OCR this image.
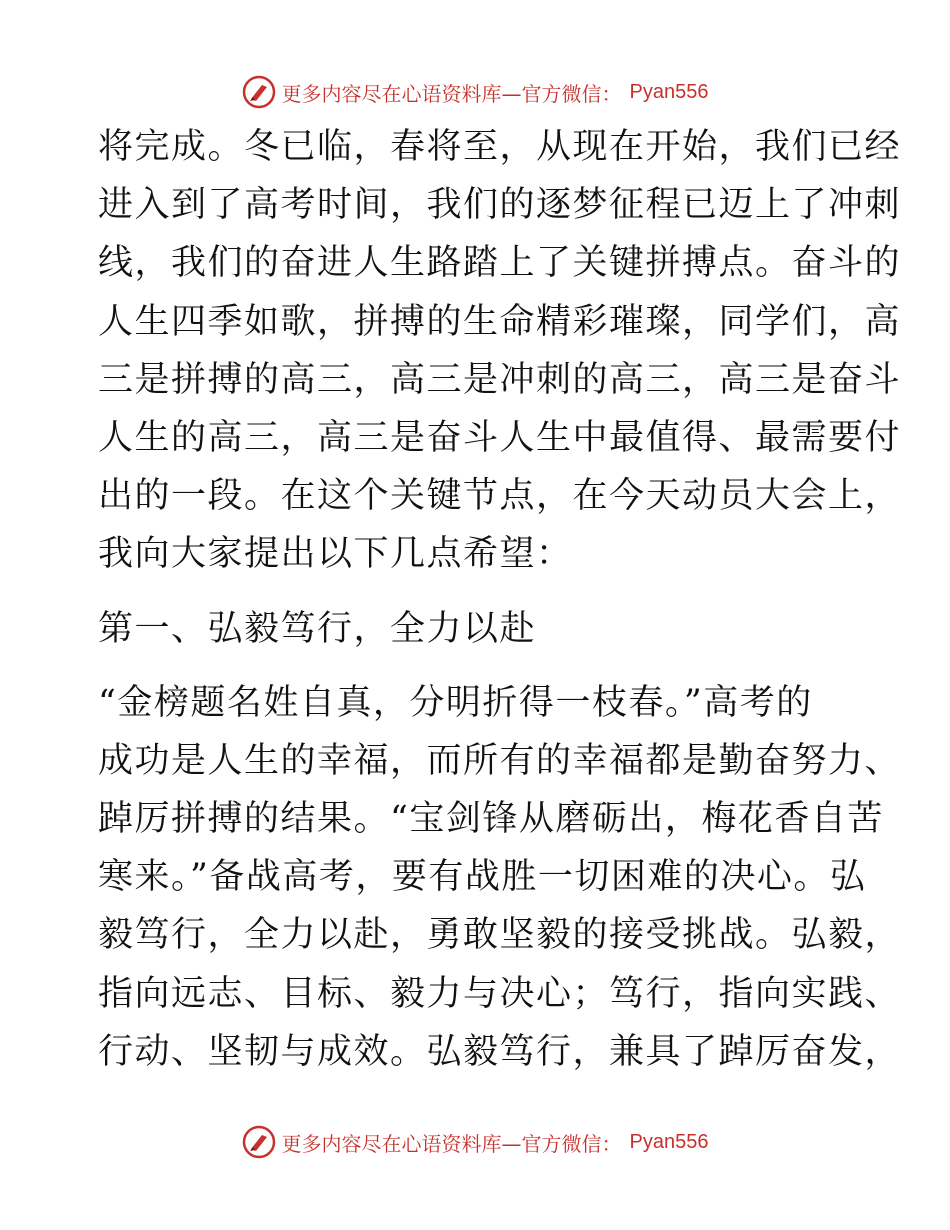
更多内容尽在心语资料库—官方微信： Pyan556
将完成。冬已临，春将至，从现在开始，我们已经
进入到了高考时间，我们的逐梦征程已迈上了冲刺
线，我们的奋进人生路踏上了关键拼搏点。奋斗的
人生四季如歌，拼搏的生命精彩璀璨，同学们，高
三是拼搏的高三，高三是冲刺的高三，高三是奋斗
人生的高三，高三是奋斗人生中最值得、最需要付
出的一段。在这个关键节点，在今天动员大会上，
我向大家提出以下几点希望：
第一、弘毅笃行，全力以赴
“金榜题名姓自真，分明折得一枝春。”高考的
成功是人生的幸福，而所有的幸福都是勤奋努力、
踔厉拼搏的结果。“宝剑锋从磨砺出，梅花香自苦
寒来。”备战高考，要有战胜一切困难的决心。弘
毅笃行，全力以赴，勇敢坚毅的接受挑战。弘毅，
指向远志、目标、毅力与决心；笃行，指向实践、
行动、坚韧与成效。弘毅笃行，兼具了踔厉奋发，
更多内容尽在心语资料库—官方微信： Pyan556
